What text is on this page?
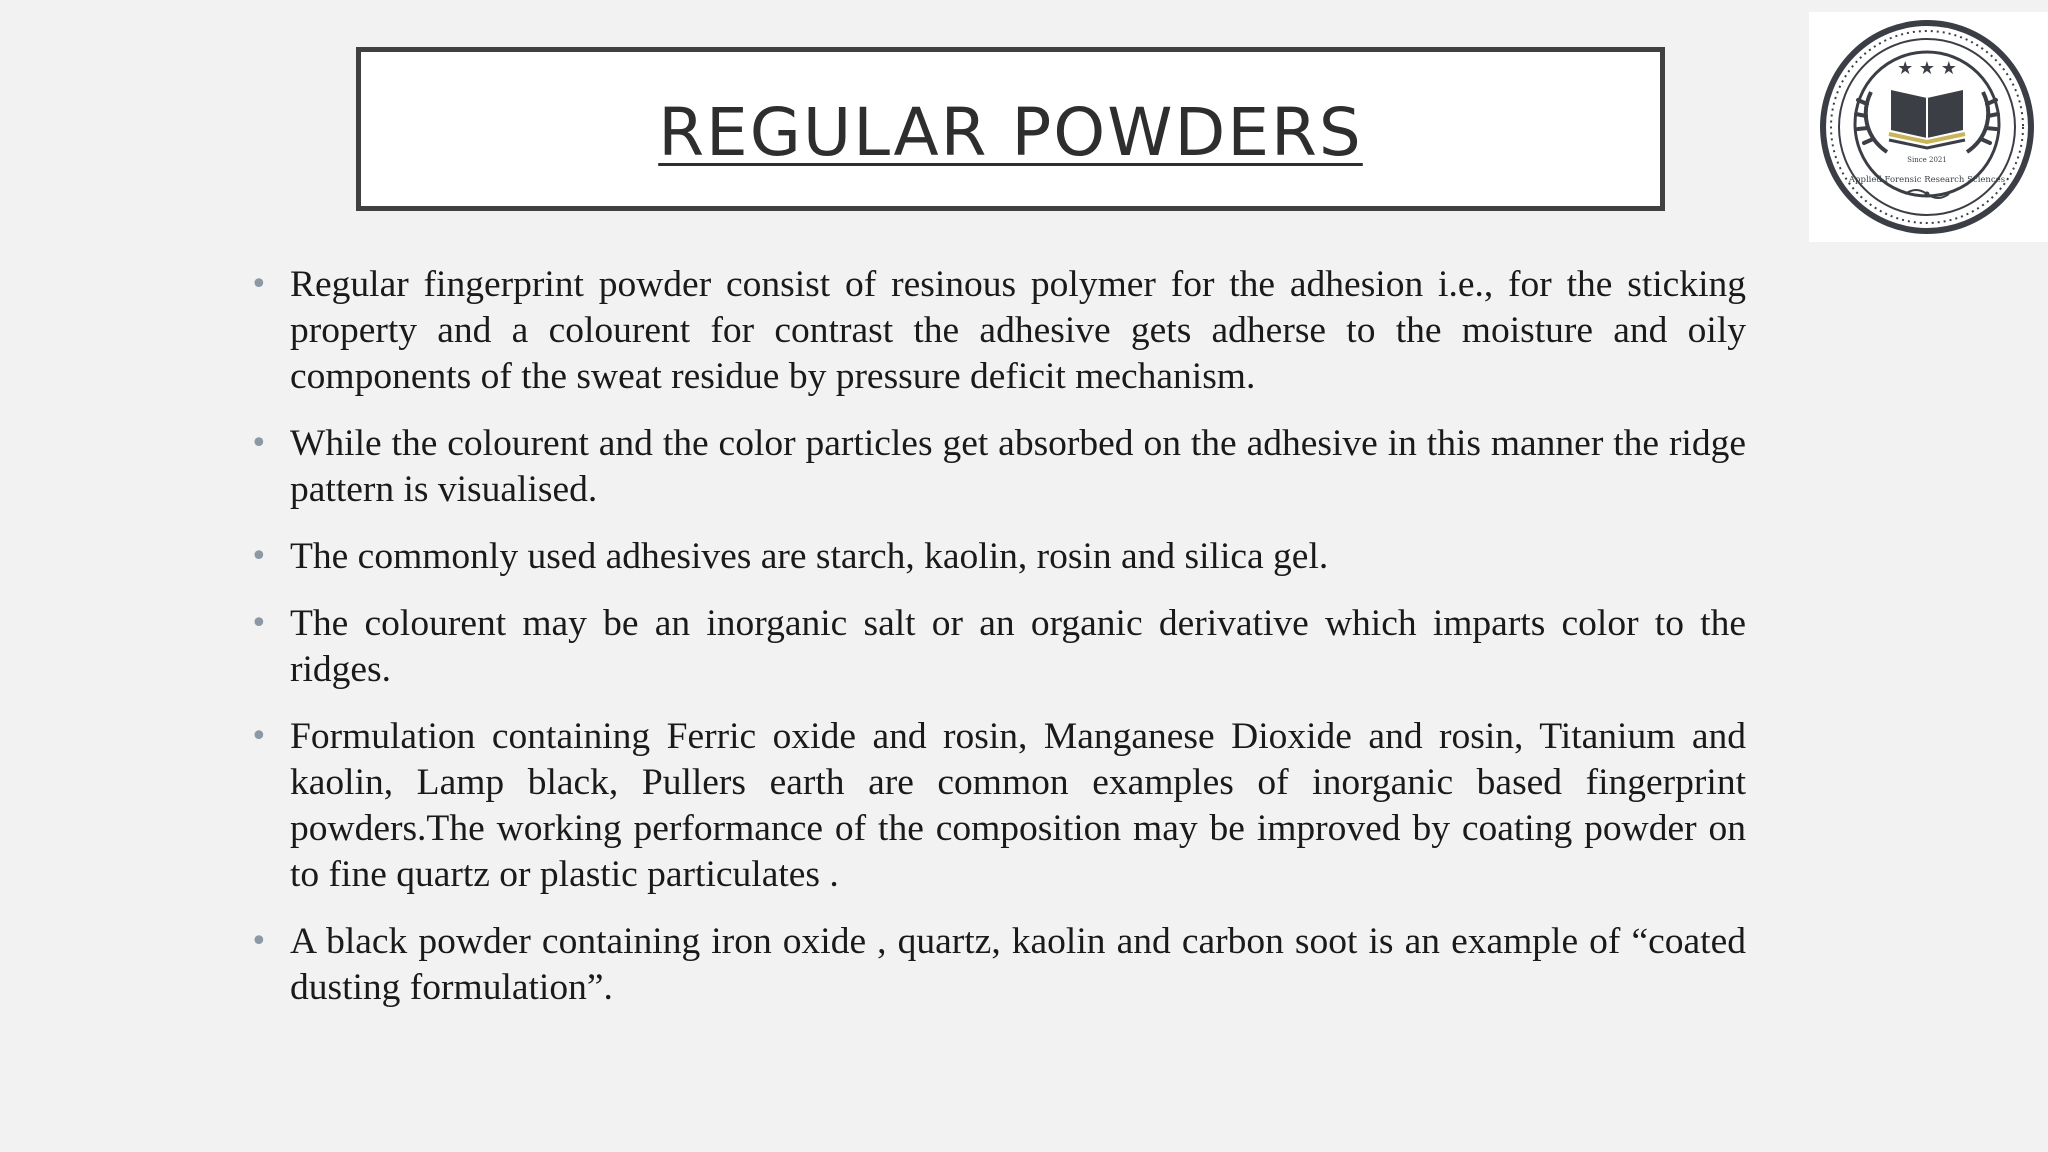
REGULAR POWDERS
★ ★ ★
Since 2021
Applied Forensic Research Sciences
• Regular fingerprint powder consist of resinous polymer for the adhesion i.e., for the sticking property and a colourent for contrast the adhesive gets adherse to the moisture and oily components of the sweat residue by pressure deficit mechanism.
• While the colourent and the color particles get absorbed on the adhesive in this manner the ridge pattern is visualised.
• The commonly used adhesives are starch, kaolin, rosin and silica gel.
• The colourent may be an inorganic salt or an organic derivative which imparts color to the ridges.
• Formulation containing Ferric oxide and rosin, Manganese Dioxide and rosin, Titanium and kaolin, Lamp black, Pullers earth are common examples of inorganic based fingerprint powders.The working performance of the composition may be improved by coating powder on to fine quartz or plastic particulates .
• A black powder containing iron oxide , quartz, kaolin and carbon soot is an example of “coated dusting formulation”.
